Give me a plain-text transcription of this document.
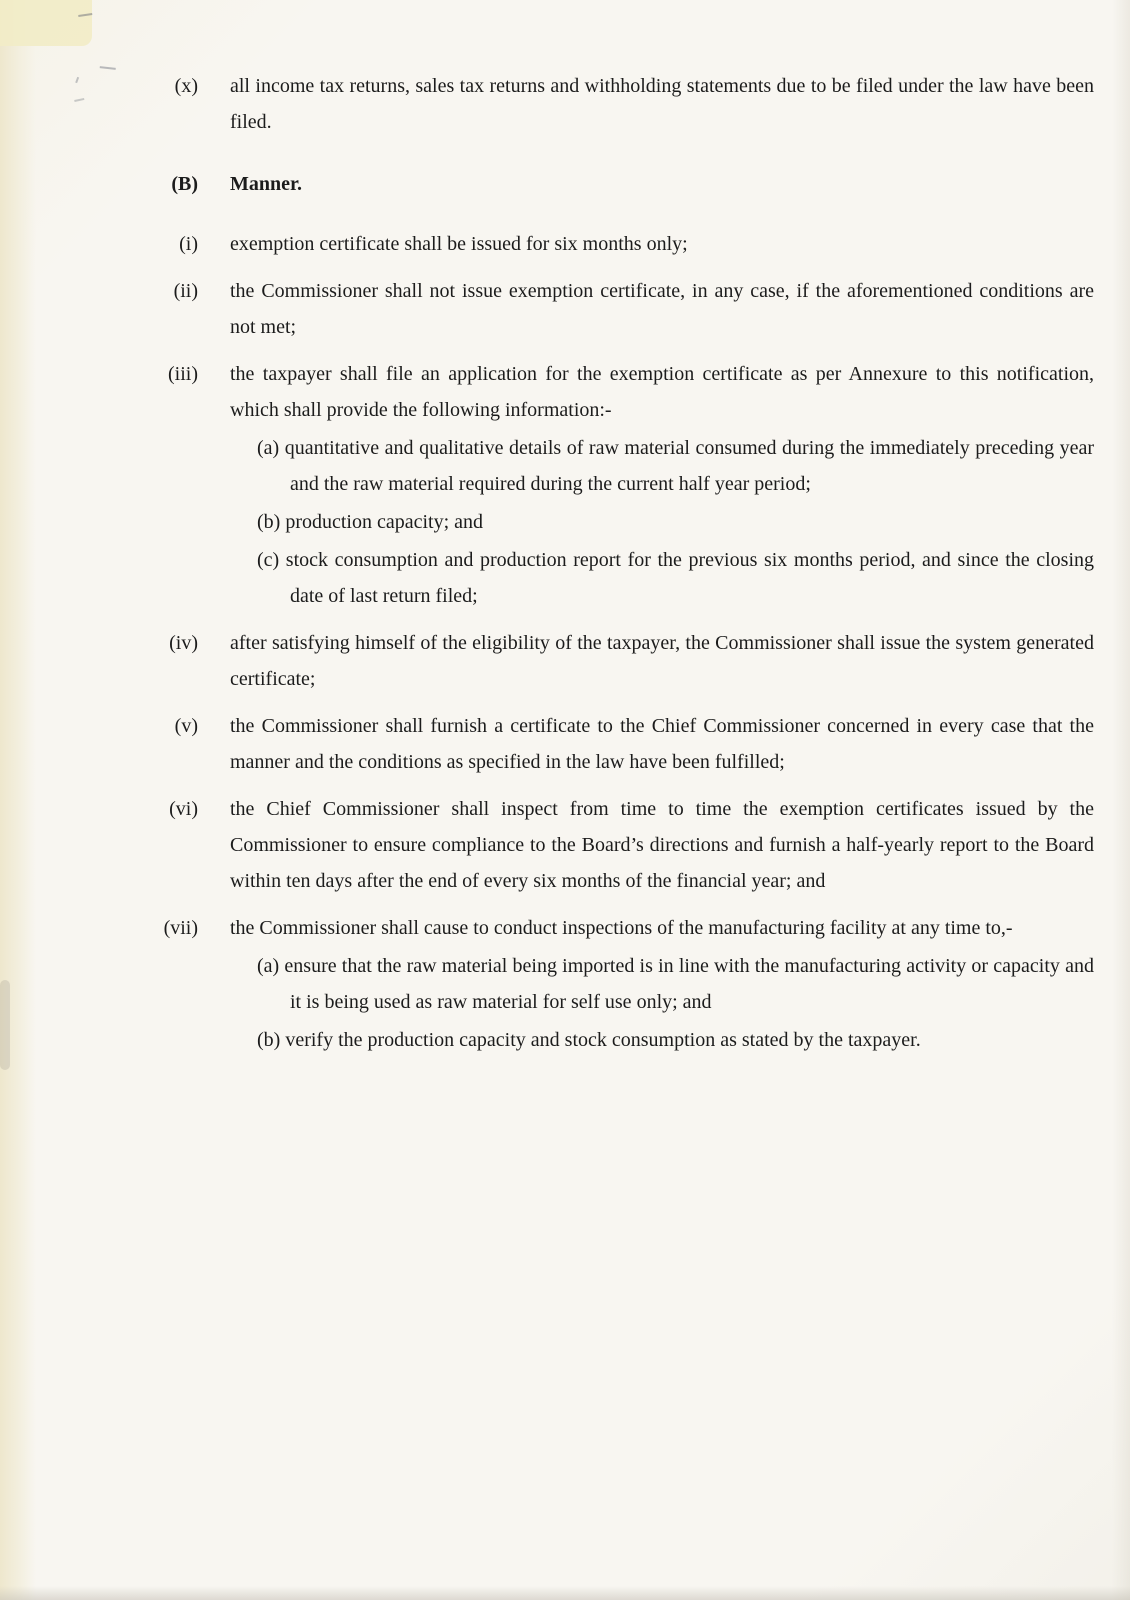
(x) all income tax returns, sales tax returns and withholding statements due to be filed under the law have been filed.
(B) Manner.
(i) exemption certificate shall be issued for six months only;
(ii) the Commissioner shall not issue exemption certificate, in any case, if the aforementioned conditions are not met;
(iii) the taxpayer shall file an application for the exemption certificate as per Annexure to this notification, which shall provide the following information:-
(a) quantitative and qualitative details of raw material consumed during the immediately preceding year and the raw material required during the current half year period;
(b) production capacity; and
(c) stock consumption and production report for the previous six months period, and since the closing date of last return filed;
(iv) after satisfying himself of the eligibility of the taxpayer, the Commissioner shall issue the system generated certificate;
(v) the Commissioner shall furnish a certificate to the Chief Commissioner concerned in every case that the manner and the conditions as specified in the law have been fulfilled;
(vi) the Chief Commissioner shall inspect from time to time the exemption certificates issued by the Commissioner to ensure compliance to the Board’s directions and furnish a half-yearly report to the Board within ten days after the end of every six months of the financial year; and
(vii) the Commissioner shall cause to conduct inspections of the manufacturing facility at any time to,-
(a) ensure that the raw material being imported is in line with the manufacturing activity or capacity and it is being used as raw material for self use only; and
(b) verify the production capacity and stock consumption as stated by the taxpayer.
